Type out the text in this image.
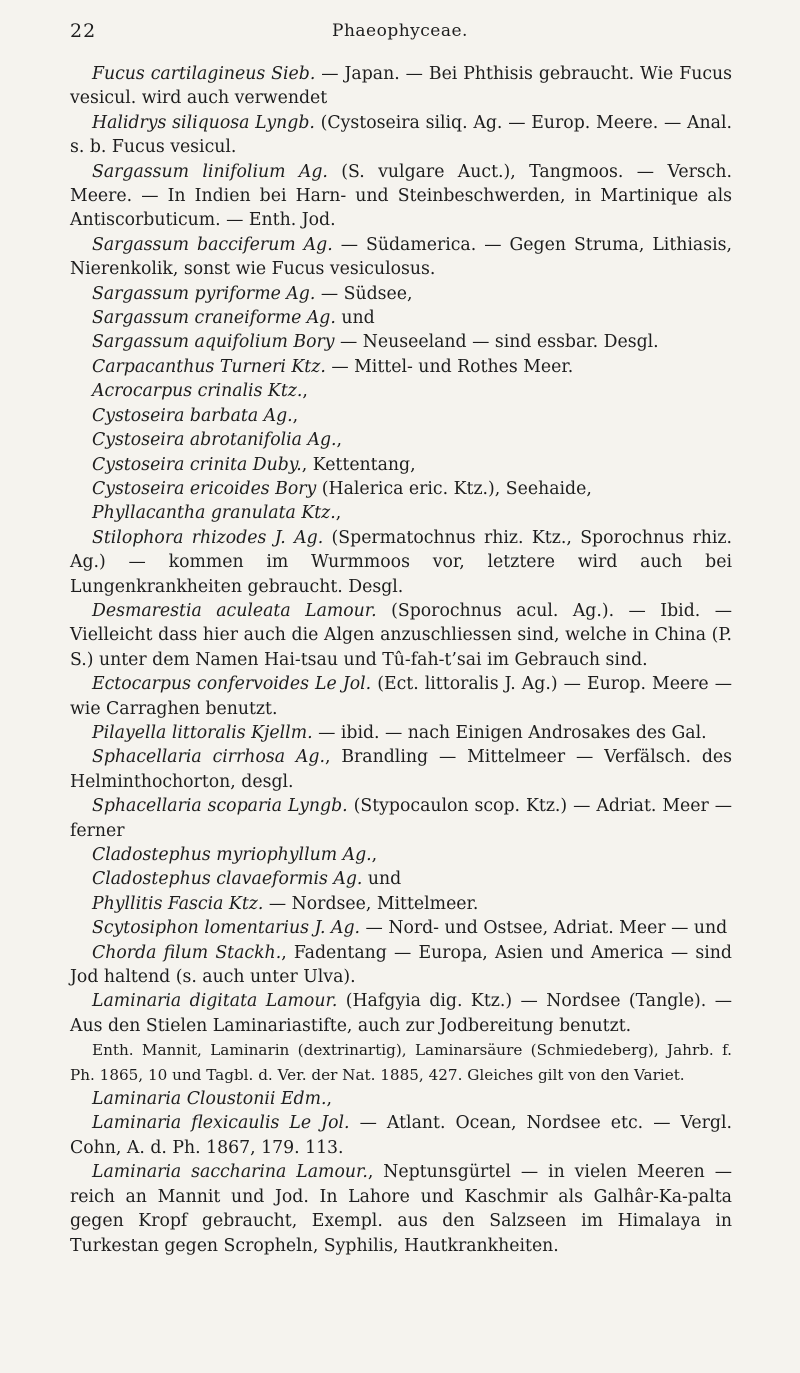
22	Phaeophyceae.

Fucus cartilagineus Sieb. — Japan. — Bei Phthisis gebraucht. Wie Fucus vesicul. wird auch verwendet

Halidrys siliquosa Lyngb. (Cystoseira siliq. Ag. — Europ. Meere. — Anal. s. b. Fucus vesicul.

Sargassum linifolium Ag. (S. vulgare Auct.), Tangmoos. — Versch. Meere. — In Indien bei Harn- und Steinbeschwerden, in Martinique als Antiscorbuticum. — Enth. Jod.

Sargassum bacciferum Ag. — Südamerica. — Gegen Struma, Lithiasis, Nierenkolik, sonst wie Fucus vesiculosus.

Sargassum pyriforme Ag. — Südsee,

Sargassum craneiforme Ag. und

Sargassum aquifolium Bory — Neuseeland — sind essbar. Desgl.

Carpacanthus Turneri Ktz. — Mittel- und Rothes Meer.

Acrocarpus crinalis Ktz.,

Cystoseira barbata Ag.,

Cystoseira abrotanifolia Ag.,

Cystoseira crinita Duby., Kettentang,

Cystoseira ericoides Bory (Halerica eric. Ktz.), Seehaide,

Phyllacantha granulata Ktz.,

Stilophora rhizodes J. Ag. (Spermatochnus rhiz. Ktz., Sporochnus rhiz. Ag.) — kommen im Wurmmoos vor, letztere wird auch bei Lungenkrankheiten gebraucht. Desgl.

Desmarestia aculeata Lamour. (Sporochnus acul. Ag.). — Ibid. — Vielleicht dass hier auch die Algen anzuschliessen sind, welche in China (P. S.) unter dem Namen Hai-tsau und Tû-fah-t’sai im Gebrauch sind.

Ectocarpus confervoides Le Jol. (Ect. littoralis J. Ag.) — Europ. Meere — wie Carraghen benutzt.

Pilayella littoralis Kjellm. — ibid. — nach Einigen Androsakes des Gal.

Sphacellaria cirrhosa Ag., Brandling — Mittelmeer — Verfälsch. des Helminthochorton, desgl.

Sphacellaria scoparia Lyngb. (Stypocaulon scop. Ktz.) — Adriat. Meer — ferner

Cladostephus myriophyllum Ag.,

Cladostephus clavaeformis Ag. und

Phyllitis Fascia Ktz. — Nordsee, Mittelmeer.

Scytosiphon lomentarius J. Ag. — Nord- und Ostsee, Adriat. Meer — und

Chorda filum Stackh., Fadentang — Europa, Asien und America — sind Jod haltend (s. auch unter Ulva).

Laminaria digitata Lamour. (Hafgyia dig. Ktz.) — Nordsee (Tangle). — Aus den Stielen Laminariastifte, auch zur Jodbereitung benutzt.

Enth. Mannit, Laminarin (dextrinartig), Laminarsäure (Schmiedeberg), Jahrb. f. Ph. 1865, 10 und Tagbl. d. Ver. der Nat. 1885, 427. Gleiches gilt von den Variet.

Laminaria Cloustonii Edm.,

Laminaria flexicaulis Le Jol. — Atlant. Ocean, Nordsee etc. — Vergl. Cohn, A. d. Ph. 1867, 179. 113.

Laminaria saccharina Lamour., Neptunsgürtel — in vielen Meeren — reich an Mannit und Jod. In Lahore und Kaschmir als Galhâr-Ka-palta gegen Kropf gebraucht, Exempl. aus den Salzseen im Himalaya in Turkestan gegen Scropheln, Syphilis, Hautkrankheiten.
